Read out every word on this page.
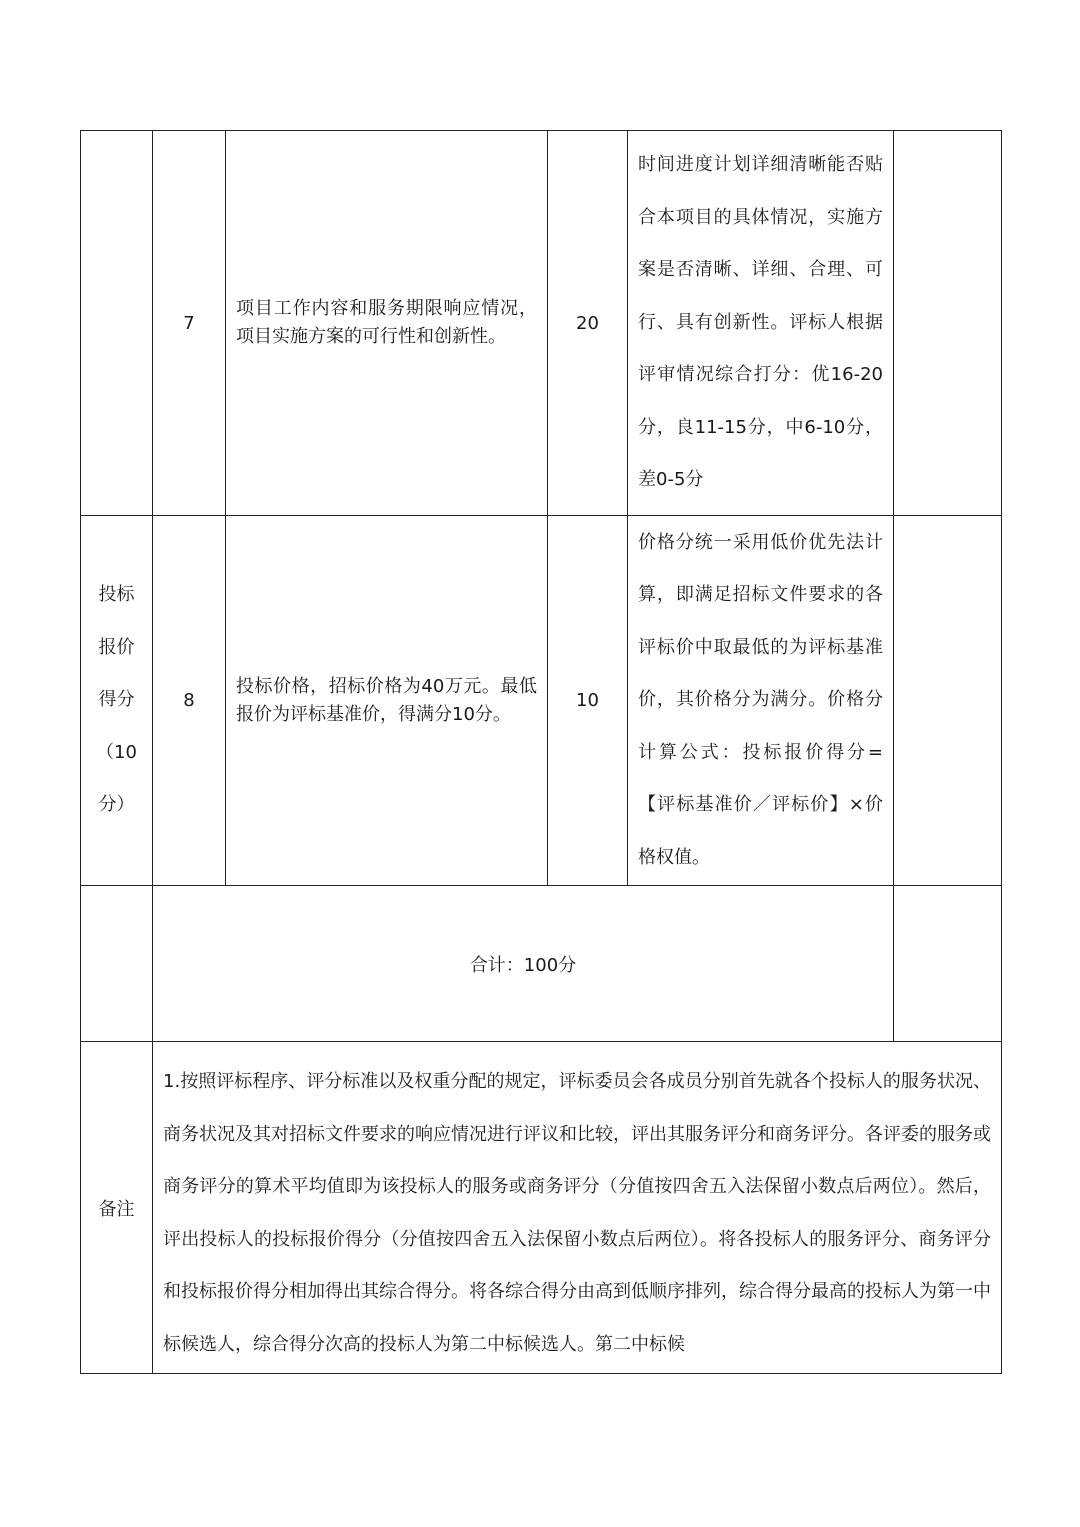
	7	项目工作内容和服务期限响应情况，项目实施方案的可行性和创新性。	20	时间进度计划详细清晰能否贴合本项目的具体情况，实施方案是否清晰、详细、合理、可行、具有创新性。评标人根据评审情况综合打分：优16-20分，良11-15分，中6-10分，差0-5分	

投标
报价
得分
（10
分）	8	投标价格，招标价格为40万元。最低报价为评标基准价，得满分10分。	10	价格分统一采用低价优先法计算，即满足招标文件要求的各评标价中取最低的为评标基准价，其价格分为满分。价格分计算公式：投标报价得分=【评标基准价／评标价】×价格权值。	

	合计：100分				
备注	1.按照评标程序、评分标准以及权重分配的规定，评标委员会各成员分别首先就各个投标人的服务状况、商务状况及其对招标文件要求的响应情况进行评议和比较，评出其服务评分和商务评分。各评委的服务或商务评分的算术平均值即为该投标人的服务或商务评分（分值按四舍五入法保留小数点后两位）。然后，评出投标人的投标报价得分（分值按四舍五入法保留小数点后两位）。将各投标人的服务评分、商务评分和投标报价得分相加得出其综合得分。将各综合得分由高到低顺序排列，综合得分最高的投标人为第一中标候选人，综合得分次高的投标人为第二中标候选人。第二中标候				
